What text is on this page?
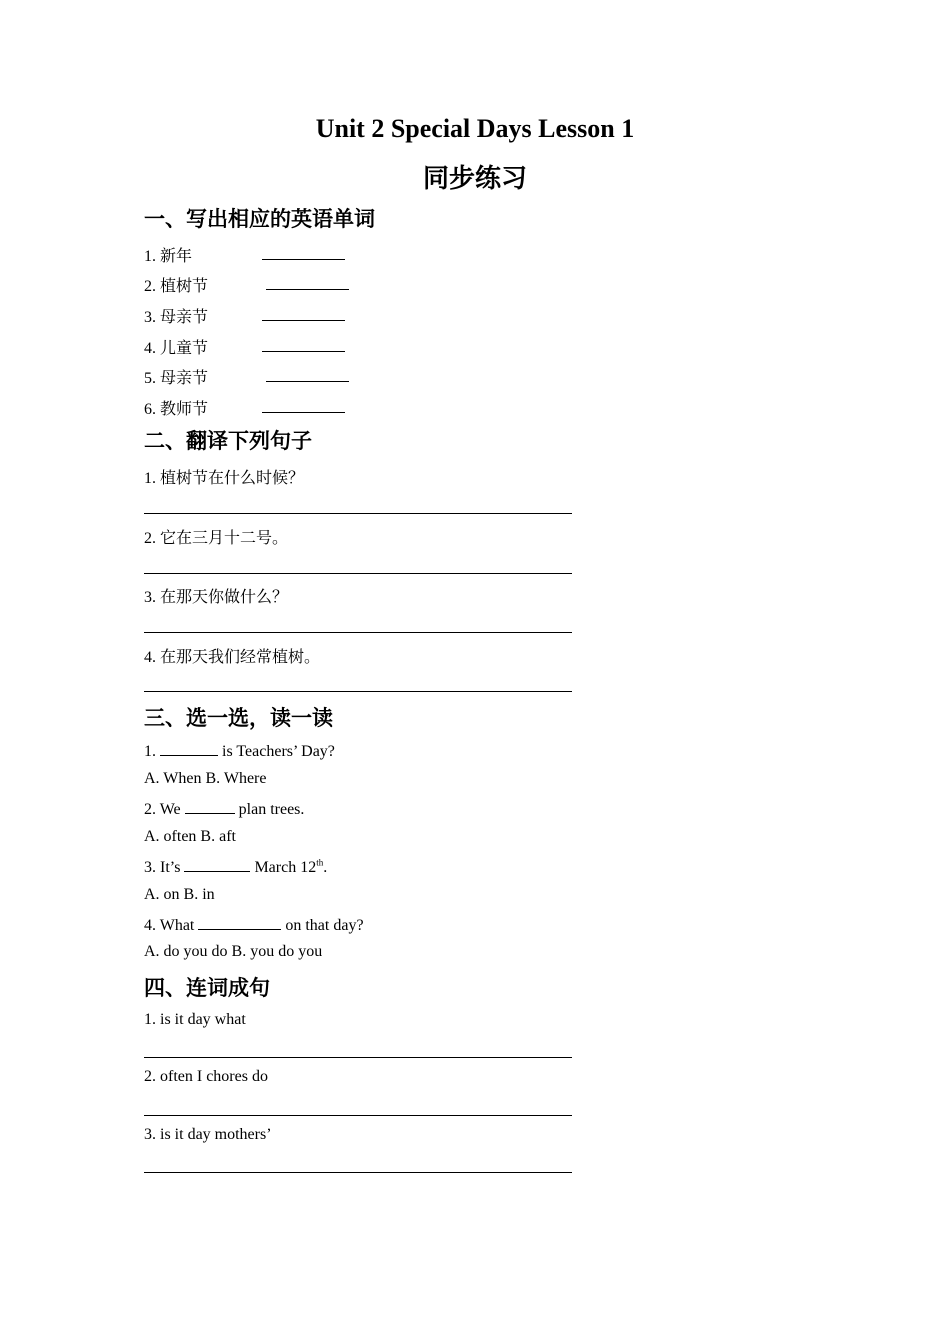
Unit 2 Special Days Lesson 1
同步练习
一、写出相应的英语单词
1. 新年
2. 植树节
3. 母亲节
4. 儿童节
5. 母亲节
6. 教师节
二、翻译下列句子
1. 植树节在什么时候？
2. 它在三月十二号。
3. 在那天你做什么？
4. 在那天我们经常植树。
三、选一选，读一读
1.	is Teachers’ Day?
A. When B. Where
2. We	plan trees.
A. often B. aft
3. It’s	March 12th.
A. on B. in
4. What	on that day?
A. do you do B. you do you
四、连词成句
1. is it day what
2. often I chores do
3. is it day mothers’
